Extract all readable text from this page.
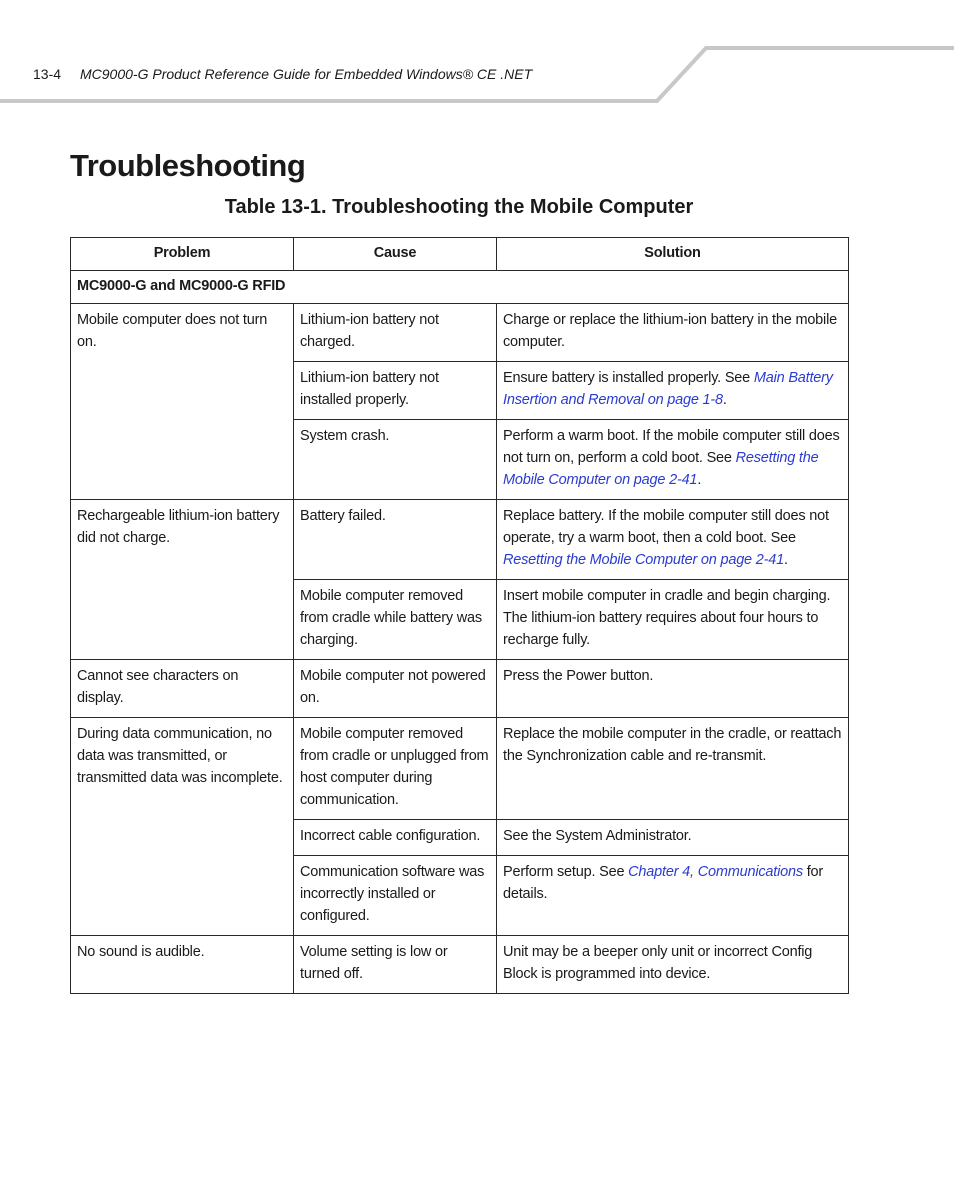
13-4 MC9000-G Product Reference Guide for Embedded Windows® CE .NET
Troubleshooting
Table 13-1. Troubleshooting the Mobile Computer
Problem	Cause	Solution
MC9000-G and MC9000-G RFID		
Mobile computer does not turn on.	Lithium-ion battery not charged.	Charge or replace the lithium-ion battery in the mobile computer.
	Lithium-ion battery not installed properly.	Ensure battery is installed properly. See Main Battery Insertion and Removal on page 1-8.
	System crash.	Perform a warm boot. If the mobile computer still does not turn on, perform a cold boot. See Resetting the Mobile Computer on page 2-41.
Rechargeable lithium-ion battery did not charge.	Battery failed.	Replace battery. If the mobile computer still does not operate, try a warm boot, then a cold boot. See Resetting the Mobile Computer on page 2-41.
	Mobile computer removed from cradle while battery was charging.	Insert mobile computer in cradle and begin charging. The lithium-ion battery requires about four hours to recharge fully.
Cannot see characters on display.	Mobile computer not powered on.	Press the Power button.
During data communication, no data was transmitted, or transmitted data was incomplete.	Mobile computer removed from cradle or unplugged from host computer during communication.	Replace the mobile computer in the cradle, or reattach the Synchronization cable and re-transmit.
	Incorrect cable configuration.	See the System Administrator.
	Communication software was incorrectly installed or configured.	Perform setup. See Chapter 4, Communications for details.
No sound is audible.	Volume setting is low or turned off.	Unit may be a beeper only unit or incorrect Config Block is programmed into device.
